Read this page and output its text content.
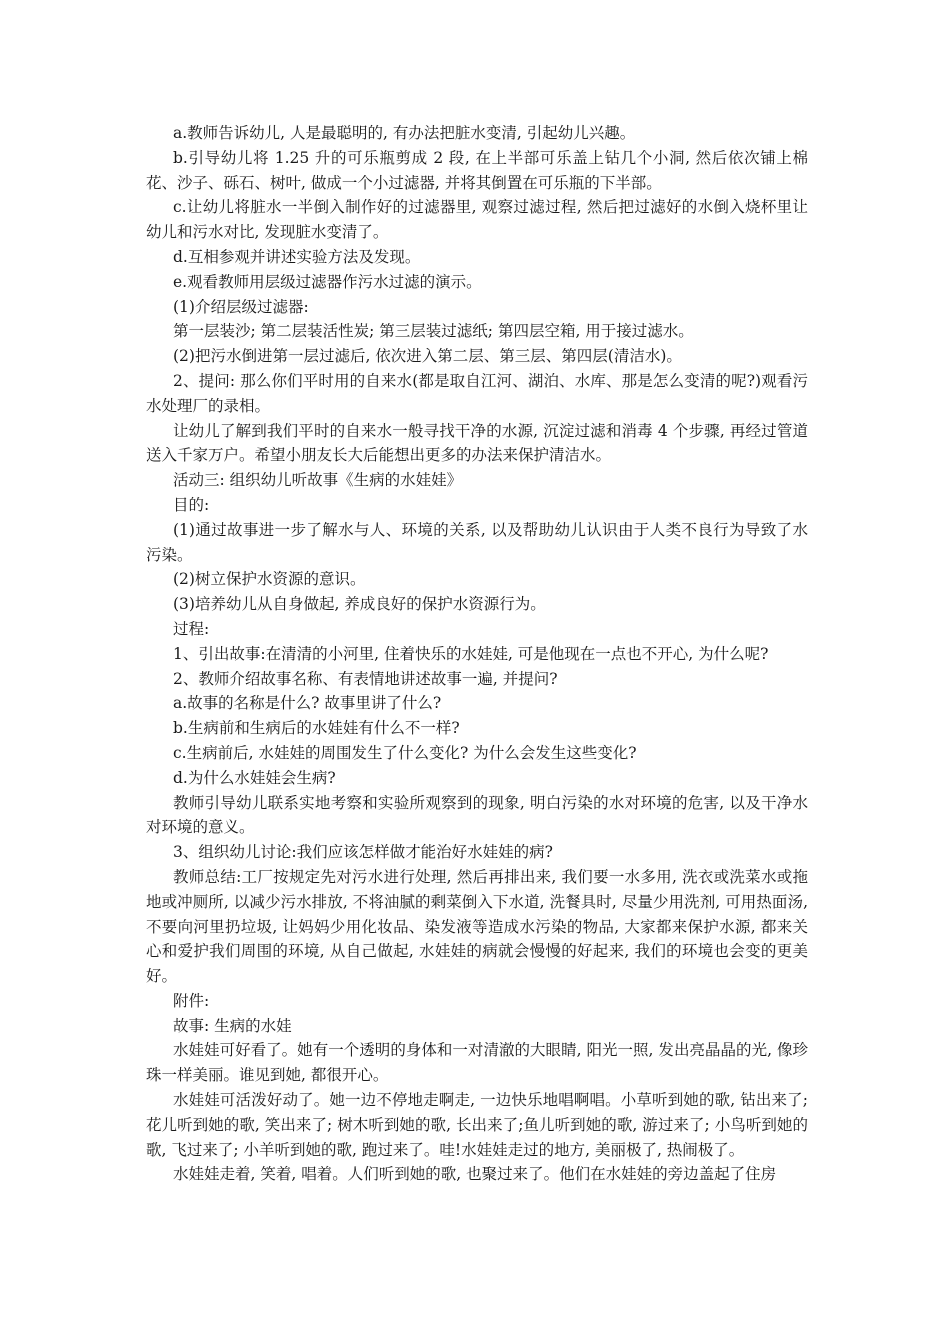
a.教师告诉幼儿, 人是最聪明的, 有办法把脏水变清, 引起幼儿兴趣。

b.引导幼儿将 1.25 升的可乐瓶剪成 2 段, 在上半部可乐盖上钻几个小洞, 然后依次铺上棉花、沙子、砾石、树叶, 做成一个小过滤器, 并将其倒置在可乐瓶的下半部。

c.让幼儿将脏水一半倒入制作好的过滤器里, 观察过滤过程, 然后把过滤好的水倒入烧杯里让幼儿和污水对比, 发现脏水变清了。

d.互相参观并讲述实验方法及发现。

e.观看教师用层级过滤器作污水过滤的演示。

(1)介绍层级过滤器:

第一层装沙; 第二层装活性炭; 第三层装过滤纸; 第四层空箱, 用于接过滤水。

(2)把污水倒进第一层过滤后, 依次进入第二层、第三层、第四层(清洁水)。

2、提问: 那么你们平时用的自来水(都是取自江河、湖泊、水库、那是怎么变清的呢?)观看污水处理厂的录相。

让幼儿了解到我们平时的自来水一般寻找干净的水源, 沉淀过滤和消毒 4 个步骤, 再经过管道送入千家万户。希望小朋友长大后能想出更多的办法来保护清洁水。

活动三: 组织幼儿听故事《生病的水娃娃》

目的:

(1)通过故事进一步了解水与人、环境的关系, 以及帮助幼儿认识由于人类不良行为导致了水污染。

(2)树立保护水资源的意识。

(3)培养幼儿从自身做起, 养成良好的保护水资源行为。

过程:

1、引出故事:在清清的小河里, 住着快乐的水娃娃, 可是他现在一点也不开心, 为什么呢?

2、教师介绍故事名称、有表情地讲述故事一遍, 并提问?

a.故事的名称是什么? 故事里讲了什么?

b.生病前和生病后的水娃娃有什么不一样?

c.生病前后, 水娃娃的周围发生了什么变化? 为什么会发生这些变化?

d.为什么水娃娃会生病?

教师引导幼儿联系实地考察和实验所观察到的现象, 明白污染的水对环境的危害, 以及干净水对环境的意义。

3、组织幼儿讨论:我们应该怎样做才能治好水娃娃的病?

教师总结:工厂按规定先对污水进行处理, 然后再排出来, 我们要一水多用, 洗衣或洗菜水或拖地或冲厕所, 以减少污水排放, 不将油腻的剩菜倒入下水道, 洗餐具时, 尽量少用洗剂, 可用热面汤, 不要向河里扔垃圾, 让妈妈少用化妆品、染发液等造成水污染的物品, 大家都来保护水源, 都来关心和爱护我们周围的环境, 从自己做起, 水娃娃的病就会慢慢的好起来, 我们的环境也会变的更美好。

附件:

故事: 生病的水娃

水娃娃可好看了。她有一个透明的身体和一对清澈的大眼睛, 阳光一照, 发出亮晶晶的光, 像珍珠一样美丽。谁见到她, 都很开心。

水娃娃可活泼好动了。她一边不停地走啊走, 一边快乐地唱啊唱。小草听到她的歌, 钻出来了; 花儿听到她的歌, 笑出来了; 树木听到她的歌, 长出来了;鱼儿听到她的歌, 游过来了; 小鸟听到她的歌, 飞过来了; 小羊听到她的歌, 跑过来了。哇!水娃娃走过的地方, 美丽极了, 热闹极了。

水娃娃走着, 笑着, 唱着。人们听到她的歌, 也聚过来了。他们在水娃娃的旁边盖起了住房
